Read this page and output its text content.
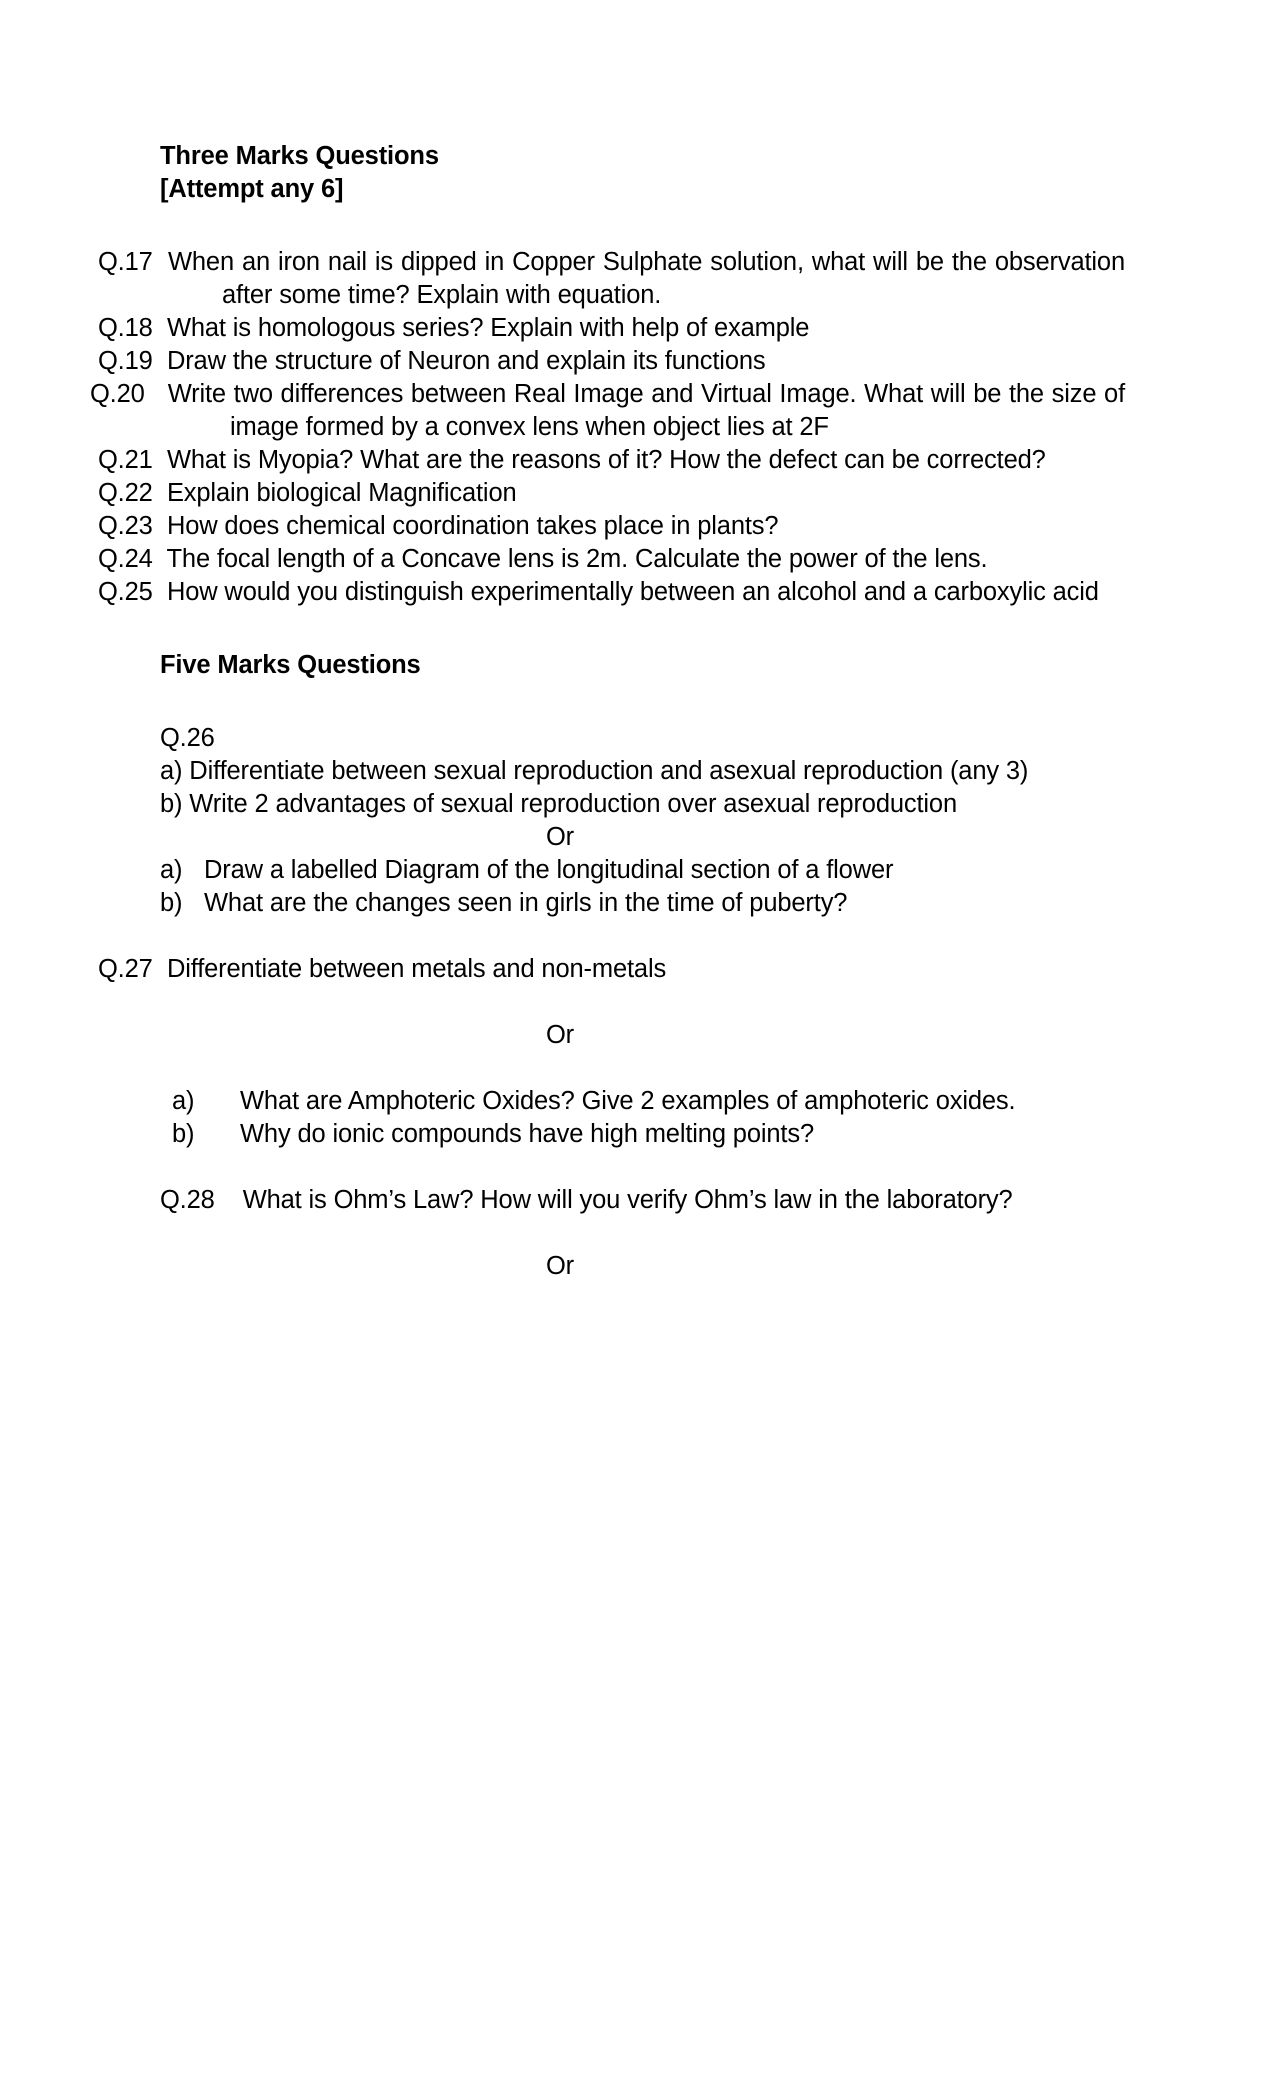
Three Marks Questions
[Attempt any 6]
Q.17 When an iron nail is dipped in Copper Sulphate solution, what will be the observation after some time? Explain with equation.
Q.18 What is homologous series? Explain with help of example
Q.19 Draw the structure of Neuron and explain its functions
Q.20 Write two differences between Real Image and Virtual Image. What will be the size of image formed by a convex lens when object lies at 2F
Q.21 What is Myopia? What are the reasons of it? How the defect can be corrected?
Q.22 Explain biological Magnification
Q.23 How does chemical coordination takes place in plants?
Q.24 The focal length of a Concave lens is 2m. Calculate the power of the lens.
Q.25 How would you distinguish experimentally between an alcohol and a carboxylic acid
Five Marks Questions
Q.26
a) Differentiate between sexual reproduction and asexual reproduction (any 3)
b) Write 2 advantages of sexual reproduction over asexual reproduction
Or
a) Draw a labelled Diagram of the longitudinal section of a flower
b) What are the changes seen in girls in the time of puberty?
Q.27 Differentiate between metals and non-metals
Or
a)	What are Amphoteric Oxides? Give 2 examples of amphoteric oxides.
b)	Why do ionic compounds have high melting points?
Q.28 What is Ohm’s Law? How will you verify Ohm’s law in the laboratory?
Or
